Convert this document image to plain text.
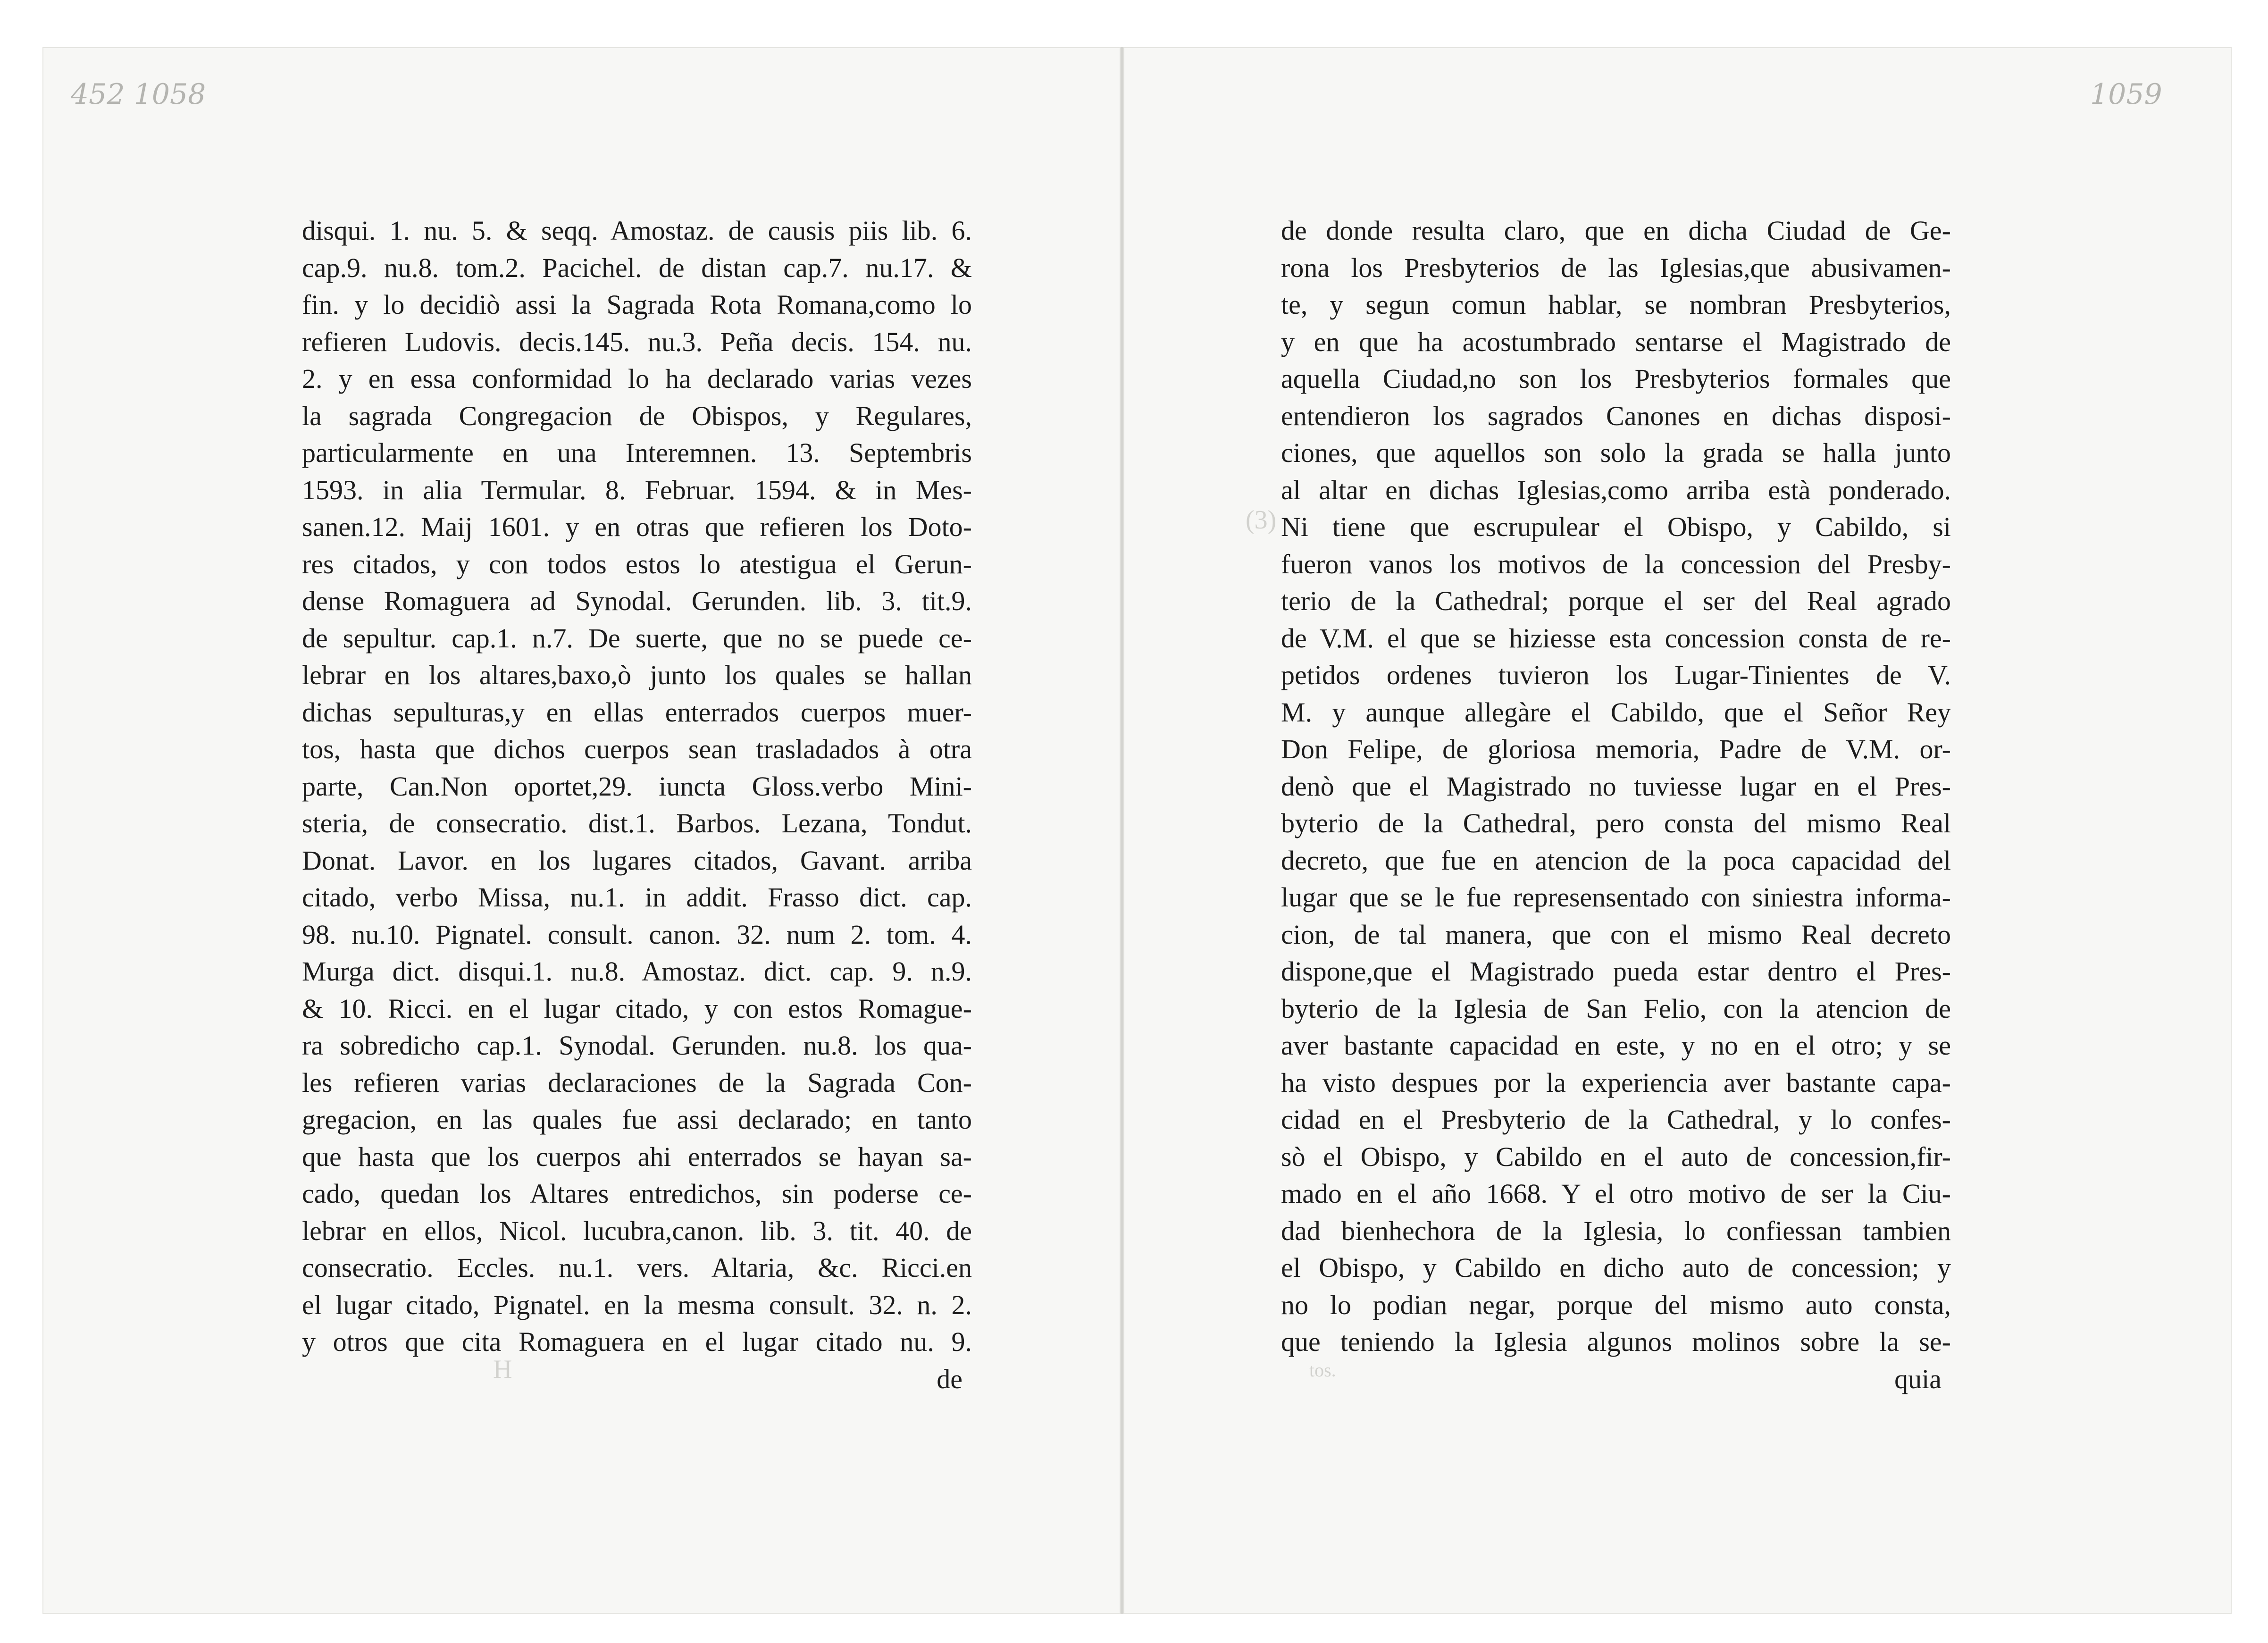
452 1058	1059
H
(3)
tos.
disqui. 1. nu. 5. & seqq. Amostaz. de causis piis lib. 6.
cap.9. nu.8. tom.2. Pacichel. de distan cap.7. nu.17. &
fin. y lo decidiò assi la Sagrada Rota Romana,como lo
refieren Ludovis. decis.145. nu.3. Peña decis. 154. nu.
2. y en essa conformidad lo ha declarado varias vezes
la sagrada Congregacion de Obispos, y Regulares,
particularmente en una Interemnen. 13. Septembris
1593. in alia Termular. 8. Februar. 1594. & in Mes-
sanen.12. Maij 1601. y en otras que refieren los Doto-
res citados, y con todos estos lo atestigua el Gerun-
dense Romaguera ad Synodal. Gerunden. lib. 3. tit.9.
de sepultur. cap.1. n.7. De suerte, que no se puede ce-
lebrar en los altares,baxo,ò junto los quales se hallan
dichas sepulturas,y en ellas enterrados cuerpos muer-
tos, hasta que dichos cuerpos sean trasladados à otra
parte, Can.Non oportet,29. iuncta Gloss.verbo Mini-
steria, de consecratio. dist.1. Barbos. Lezana, Tondut.
Donat. Lavor. en los lugares citados, Gavant. arriba
citado, verbo Missa, nu.1. in addit. Frasso dict. cap.
98. nu.10. Pignatel. consult. canon. 32. num 2. tom. 4.
Murga dict. disqui.1. nu.8. Amostaz. dict. cap. 9. n.9.
& 10. Ricci. en el lugar citado, y con estos Romague-
ra sobredicho cap.1. Synodal. Gerunden. nu.8. los qua-
les refieren varias declaraciones de la Sagrada Con-
gregacion, en las quales fue assi declarado; en tanto
que hasta que los cuerpos ahi enterrados se hayan sa-
cado, quedan los Altares entredichos, sin poderse ce-
lebrar en ellos, Nicol. lucubra,canon. lib. 3. tit. 40. de
consecratio. Eccles. nu.1. vers. Altaria, &c. Ricci.en
el lugar citado, Pignatel. en la mesma consult. 32. n. 2.
y otros que cita Romaguera en el lugar citado nu. 9.
de
de donde resulta claro, que en dicha Ciudad de Ge-
rona los Presbyterios de las Iglesias,que abusivamen-
te, y segun comun hablar, se nombran Presbyterios,
y en que ha acostumbrado sentarse el Magistrado de
aquella Ciudad,no son los Presbyterios formales que
entendieron los sagrados Canones en dichas disposi-
ciones, que aquellos son solo la grada se halla junto
al altar en dichas Iglesias,como arriba està ponderado.
Ni tiene que escrupulear el Obispo, y Cabildo, si
fueron vanos los motivos de la concession del Presby-
terio de la Cathedral; porque el ser del Real agrado
de V.M. el que se hiziesse esta concession consta de re-
petidos ordenes tuvieron los Lugar-Tinientes de V.
M. y aunque allegàre el Cabildo, que el Señor Rey
Don Felipe, de gloriosa memoria, Padre de V.M. or-
denò que el Magistrado no tuviesse lugar en el Pres-
byterio de la Cathedral, pero consta del mismo Real
decreto, que fue en atencion de la poca capacidad del
lugar que se le fue represensentado con siniestra informa-
cion, de tal manera, que con el mismo Real decreto
dispone,que el Magistrado pueda estar dentro el Pres-
byterio de la Iglesia de San Felio, con la atencion de
aver bastante capacidad en este, y no en el otro; y se
ha visto despues por la experiencia aver bastante capa-
cidad en el Presbyterio de la Cathedral, y lo confes-
sò el Obispo, y Cabildo en el auto de concession,fir-
mado en el año 1668. Y el otro motivo de ser la Ciu-
dad bienhechora de la Iglesia, lo confiessan tambien
el Obispo, y Cabildo en dicho auto de concession; y
no lo podian negar, porque del mismo auto consta,
que teniendo la Iglesia algunos molinos sobre la se-
quia
